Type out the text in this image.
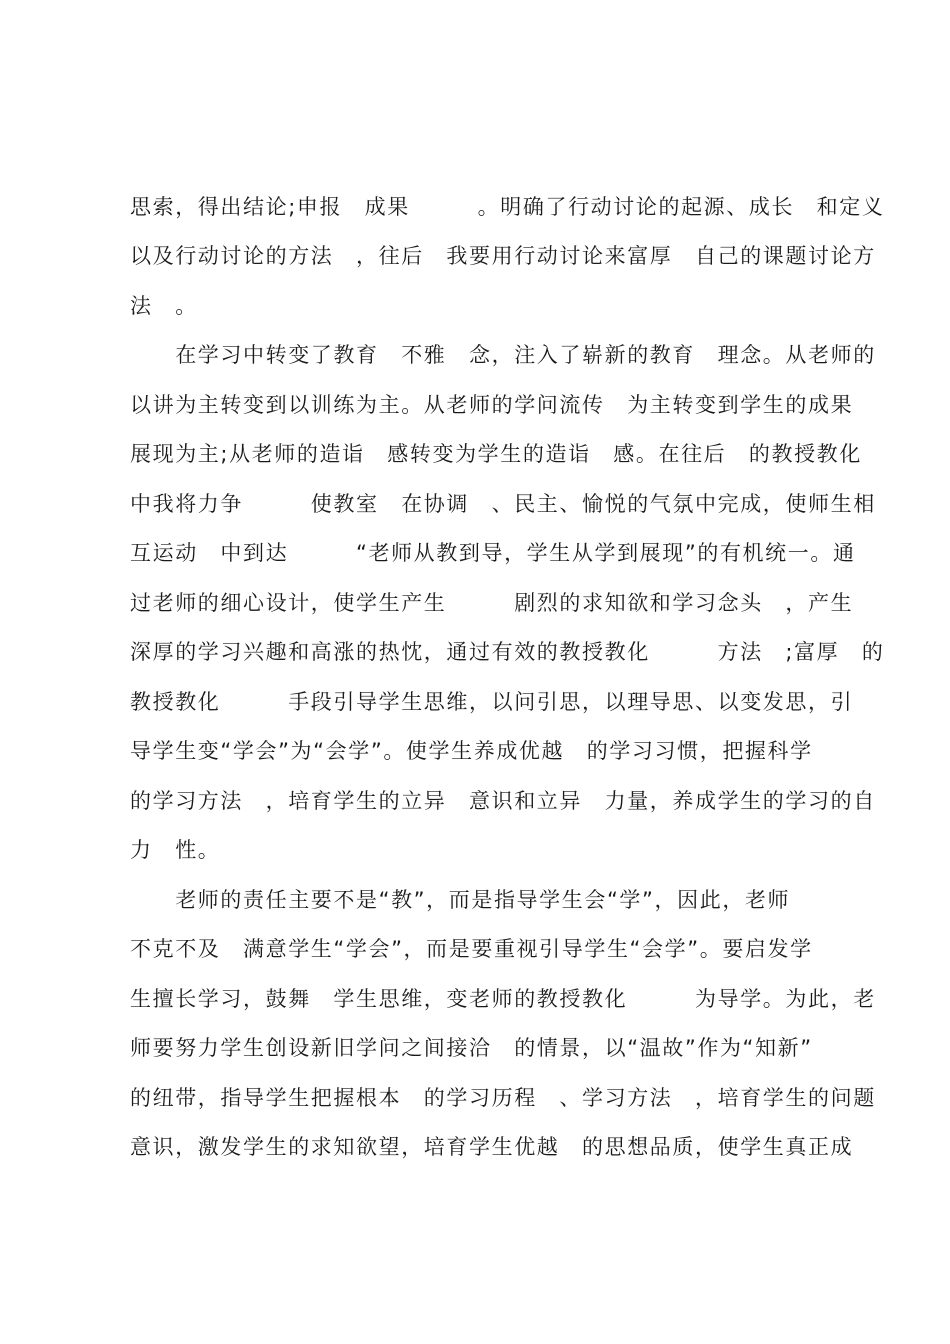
思索，得出结论;申报　成果　　　。明确了行动讨论的起源、成长　和定义
以及行动讨论的方法　，往后　我要用行动讨论来富厚　自己的课题讨论方
法　。
　　在学习中转变了教育　不雅　念，注入了崭新的教育　理念。从老师的
以讲为主转变到以训练为主。从老师的学问流传　为主转变到学生的成果
展现为主;从老师的造诣　感转变为学生的造诣　感。在往后　的教授教化
中我将力争　　　使教室　在协调　、民主、愉悦的气氛中完成，使师生相
互运动　中到达　　　“老师从教到导，学生从学到展现”的有机统一。通
过老师的细心设计，使学生产生　　　剧烈的求知欲和学习念头　，产生
深厚的学习兴趣和高涨的热忱，通过有效的教授教化　　　方法　;富厚　的
教授教化　　　手段引导学生思维，以问引思，以理导思、以变发思，引
导学生变“学会”为“会学”。使学生养成优越　的学习习惯，把握科学
的学习方法　，培育学生的立异　意识和立异　力量，养成学生的学习的自
力　性。
　　老师的责任主要不是“教”，而是指导学生会“学”，因此，老师
不克不及　满意学生“学会”，而是要重视引导学生“会学”。要启发学
生擅长学习，鼓舞　学生思维，变老师的教授教化　　　为导学。为此，老
师要努力学生创设新旧学问之间接洽　的情景，以“温故”作为“知新”
的纽带，指导学生把握根本　的学习历程　、学习方法　，培育学生的问题
意识，激发学生的求知欲望，培育学生优越　的思想品质，使学生真正成
